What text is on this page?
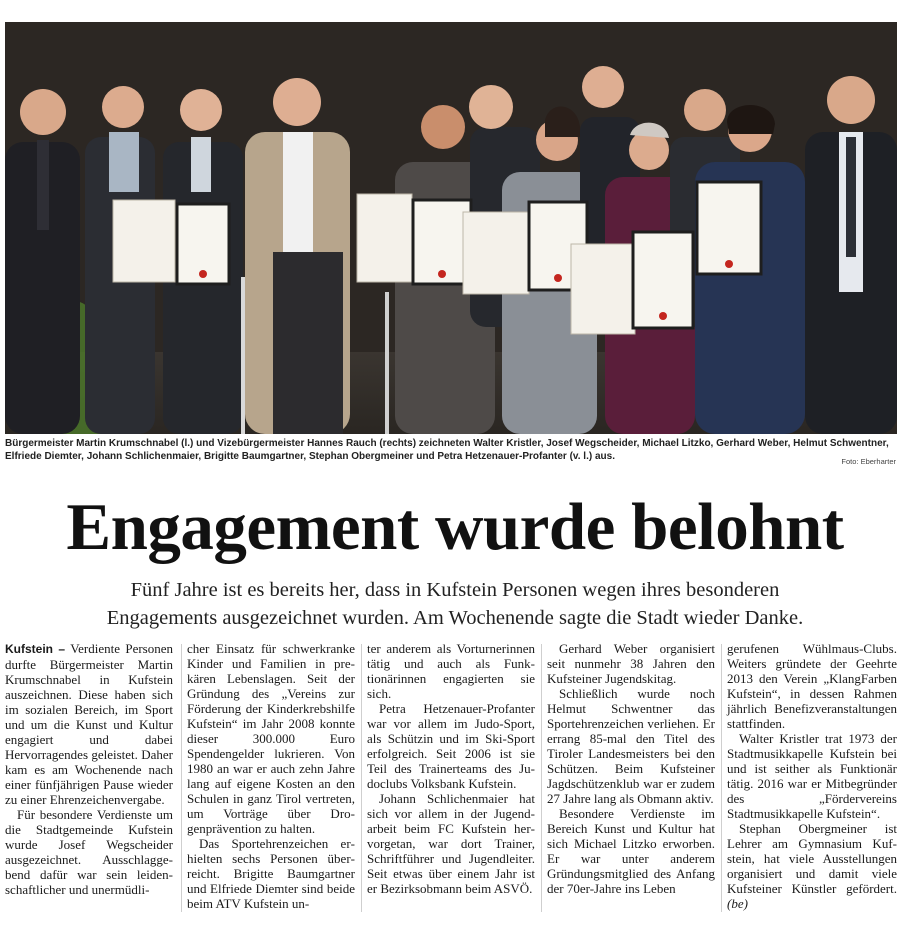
Bürgermeister Martin Krumschnabel (l.) und Vizebürgermeister Hannes Rauch (rechts) zeichneten Walter Kristler, Josef Wegscheider, Michael Litzko, Gerhard Weber, Helmut Schwentner, Elfriede Diemter, Johann Schlichenmaier, Brigitte Baumgartner, Stephan Obergmeiner und Petra Hetzenauer-Profanter (v. l.) aus.	Foto: Eberharter
Engagement wurde belohnt
Fünf Jahre ist es bereits her, dass in Kufstein Personen wegen ihres besonderen
Engagements ausgezeichnet wurden. Am Wochenende sagte die Stadt wieder Danke.

Kufstein – Verdiente Personen durfte Bürgermeister Martin Krumschnabel in Kufstein auszeichnen. Diese haben sich im sozialen Bereich, im Sport und um die Kunst und Kultur engagiert und dabei Hervorragendes geleistet. Daher kam es am Wochenende nach einer fünfjährigen Pause wieder zu einer Ehrenzeichenvergabe.

Für besondere Verdienste um die Stadtgemeinde Kufstein wurde Josef Wegscheider ausgezeichnet. Ausschlaggebend dafür war sein leidenschaftlicher und unermüdli-

cher Einsatz für schwerkranke Kinder und Familien in prekären Lebenslagen. Seit der Gründung des „Vereins zur Förderung der Kinderkrebshilfe Kufstein“ im Jahr 2008 konnte dieser 300.000 Euro Spendengelder lukrieren. Von 1980 an war er auch zehn Jahre lang auf eigene Kosten an den Schulen in ganz Tirol vertreten, um Vorträge über Drogenprävention zu halten.

Das Sportehrenzeichen erhielten sechs Personen überreicht. Brigitte Baumgartner und Elfriede Diemter sind beide beim ATV Kufstein un-

ter anderem als Vorturnerinnen tätig und auch als Funktionärinnen engagierten sie sich.

Petra Hetzenauer-Profanter war vor allem im Judo-Sport, als Schützin und im Ski-Sport erfolgreich. Seit 2006 ist sie Teil des Trainerteams des Judoclubs Volksbank Kufstein.

Johann Schlichenmaier hat sich vor allem in der Jugendarbeit beim FC Kufstein hervorgetan, war dort Trainer, Schriftführer und Jugendleiter. Seit etwas über einem Jahr ist er Bezirksobmann beim ASVÖ.

Gerhard Weber organisiert seit nunmehr 38 Jahren den Kufsteiner Jugendskitag.

Schließlich wurde noch Helmut Schwentner das Sportehrenzeichen verliehen. Er errang 85-mal den Titel des Tiroler Landesmeisters bei den Schützen. Beim Kufsteiner Jagdschützenklub war er zudem 27 Jahre lang als Obmann aktiv.

Besondere Verdienste im Bereich Kunst und Kultur hat sich Michael Litzko erworben. Er war unter anderem Gründungsmitglied des Anfang der 70er-Jahre ins Leben

gerufenen Wühlmaus-Clubs. Weiters gründete der Geehrte 2013 den Verein „KlangFarben Kufstein“, in dessen Rahmen jährlich Benefizveranstaltungen stattfinden.

Walter Kristler trat 1973 der Stadtmusikkapelle Kufstein bei und ist seither als Funktionär tätig. 2016 war er Mitbegründer des „Fördervereins Stadtmusikkapelle Kufstein“.

Stephan Obergmeiner ist Lehrer am Gymnasium Kufstein, hat viele Ausstellungen organisiert und damit viele Kufsteiner Künstler gefördert. (be)
